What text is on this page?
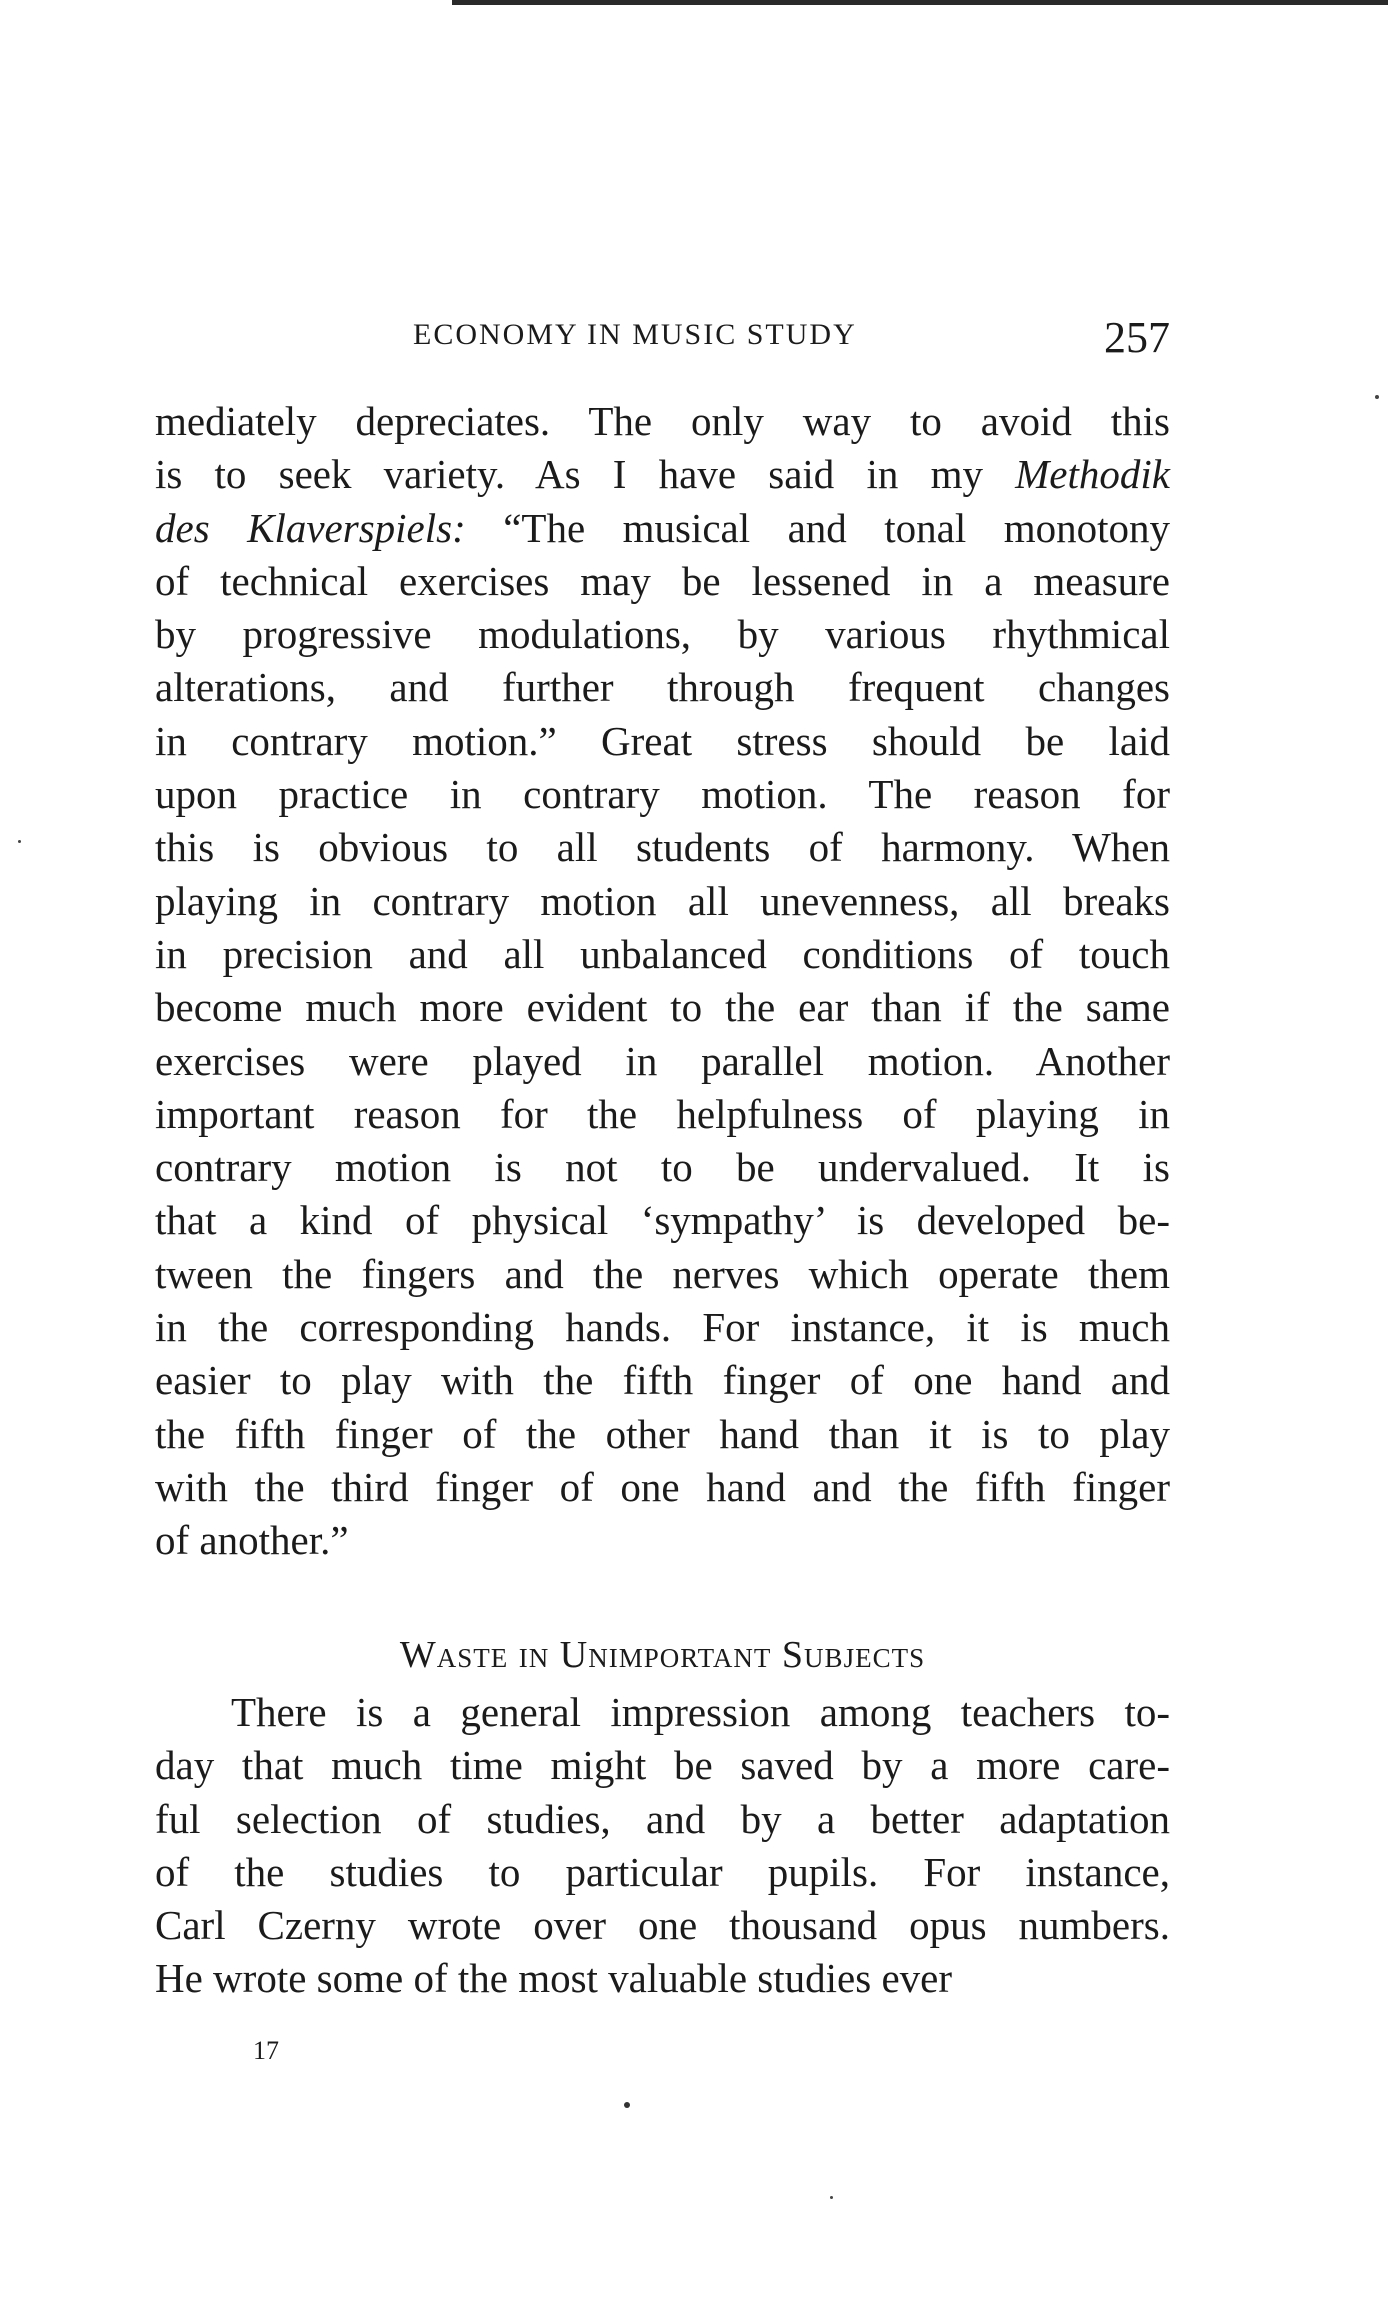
ECONOMY IN MUSIC STUDY	257
mediately depreciates. The only way to avoid this
is to seek variety. As I have said in my Methodik
des Klaverspiels: “The musical and tonal monotony
of technical exercises may be lessened in a measure
by progressive modulations, by various rhythmical
alterations, and further through frequent changes
in contrary motion.” Great stress should be laid
upon practice in contrary motion. The reason for
this is obvious to all students of harmony. When
playing in contrary motion all unevenness, all breaks
in precision and all unbalanced conditions of touch
become much more evident to the ear than if the same
exercises were played in parallel motion. Another
important reason for the helpfulness of playing in
contrary motion is not to be undervalued. It is
that a kind of physical ‘sympathy’ is developed be-
tween the fingers and the nerves which operate them
in the corresponding hands. For instance, it is much
easier to play with the fifth finger of one hand and
the fifth finger of the other hand than it is to play
with the third finger of one hand and the fifth finger
of another.”
Waste in Unimportant Subjects
There is a general impression among teachers to-
day that much time might be saved by a more care-
ful selection of studies, and by a better adaptation
of the studies to particular pupils. For instance,
Carl Czerny wrote over one thousand opus numbers.
He wrote some of the most valuable studies ever
17
